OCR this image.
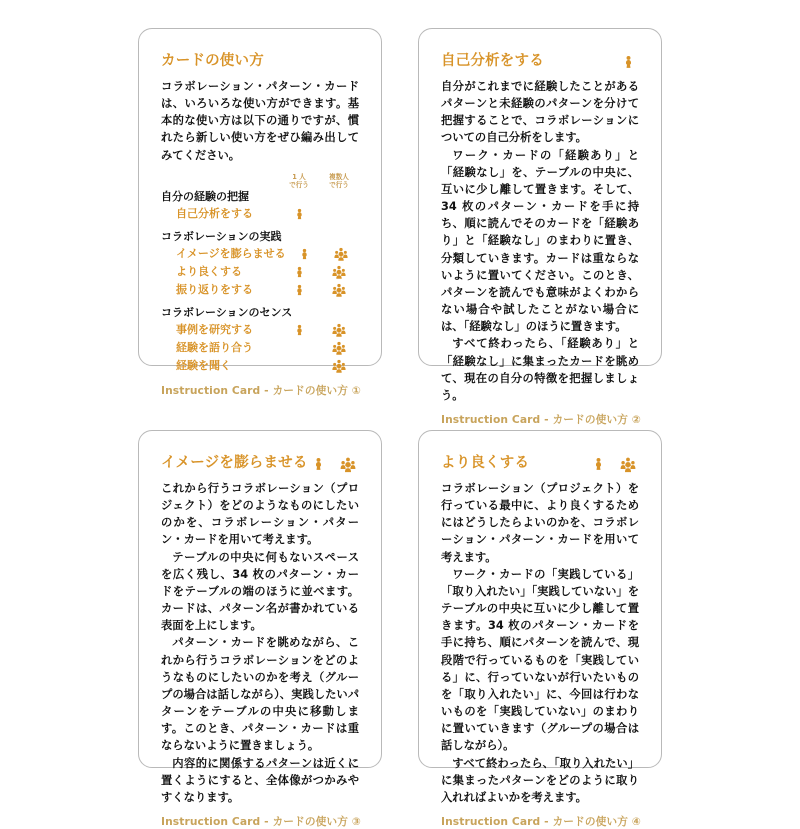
カードの使い方

コラボレーション・パターン・カードは、いろいろな使い方ができます。基本的な使い方は以下の通りですが、慣れたら新しい使い方をぜひ編み出してみてください。

1 人
で行う
複数人
で行う
自分の経験の把握
自己分析をする
コラボレーションの実践
イメージを膨らませる
より良くする
振り返りをする
コラボレーションのセンス
事例を研究する
経験を語り合う
経験を聞く
Instruction Card - カードの使い方 ①
自己分析をする

自分がこれまでに経験したことがあるパターンと未経験のパターンを分けて把握することで、コラボレーションについての自己分析をします。

ワーク・カードの「経験あり」と「経験なし」を、テーブルの中央に、互いに少し離して置きます。そして、34 枚のパターン・カードを手に持ち、順に読んでそのカードを「経験あり」と「経験なし」のまわりに置き、分類していきます。カードは重ならないように置いてください。このとき、パターンを読んでも意味がよくわからない場合や試したことがない場合には、「経験なし」のほうに置きます。

すべて終わったら、「経験あり」と「経験なし」に集まったカードを眺めて、現在の自分の特徴を把握しましょう。

Instruction Card - カードの使い方 ②
イメージを膨らませる

これから行うコラボレーション（プロジェクト）をどのようなものにしたいのかを、コラボレーション・パターン・カードを用いて考えます。

テーブルの中央に何もないスペースを広く残し、34 枚のパターン・カードをテーブルの端のほうに並べます。カードは、パターン名が書かれている表面を上にします。

パターン・カードを眺めながら、これから行うコラボレーションをどのようなものにしたいのかを考え（グループの場合は話しながら）、実践したいパターンをテーブルの中央に移動します。このとき、パターン・カードは重ならないように置きましょう。

内容的に関係するパターンは近くに置くようにすると、全体像がつかみやすくなります。

Instruction Card - カードの使い方 ③
より良くする

コラボレーション（プロジェクト）を行っている最中に、より良くするためにはどうしたらよいのかを、コラボレーション・パターン・カードを用いて考えます。

ワーク・カードの「実践している」「取り入れたい」「実践していない」をテーブルの中央に互いに少し離して置きます。34 枚のパターン・カードを手に持ち、順にパターンを読んで、現段階で行っているものを「実践している」に、行っていないが行いたいものを「取り入れたい」に、今回は行わないものを「実践していない」のまわりに置いていきます（グループの場合は話しながら）。

すべて終わったら、「取り入れたい」に集まったパターンをどのように取り入れればよいかを考えます。

Instruction Card - カードの使い方 ④
